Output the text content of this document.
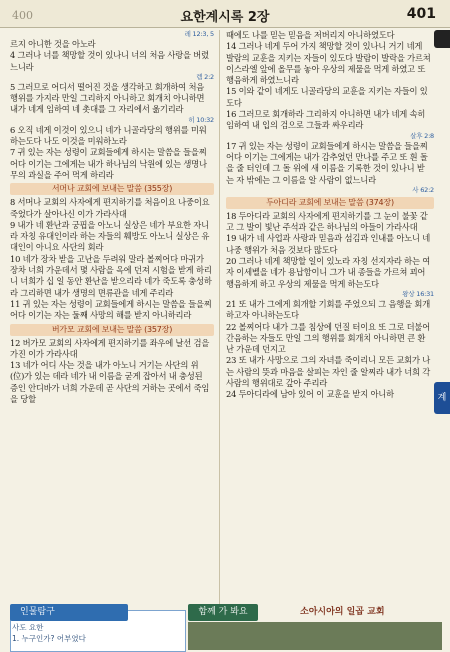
400	요한계시록 2장	401
레 12:3, 5

르지 아니한 것을 아노라

4 그러나 너를 책망할 것이 있나니 너의 처음 사랑을 버렸느니라

렘 2:2

5 그러므로 어디서 떨어진 것을 생각하고 회개하여 처음 행위를 가지라 만일 그리하지 아니하고 회개치 아니하면 내가 네게 임하여 네 촛대를 그 자리에서 옮기리라

히 10:32

6 오직 네게 이것이 있으니 네가 니골라당의 행위를 미워하는도다 나도 이것을 미워하노라

7 귀 있는 자는 성령이 교회들에게 하시는 말씀을 들을찌어다 이기는 그에게는 내가 하나님의 낙원에 있는 생명나무의 과실을 주어 먹게 하리라

서머나 교회에 보내는 말씀 (355장)

8 서머나 교회의 사자에게 편지하기를 처음이요 나중이요 죽었다가 살아나신 이가 가라사대

9 내가 네 환난과 궁핍을 아노니 실상은 네가 부요한 자니라 자칭 유대인이라 하는 자들의 훼방도 아노니 실상은 유대인이 아니요 사단의 회라

10 네가 장차 받을 고난을 두려워 말라 볼찌어다 마귀가 장차 너희 가운데서 몇 사람을 옥에 던져 시험을 받게 하리니 너희가 십 일 동안 환난을 받으리라 네가 죽도록 충성하라 그리하면 내가 생명의 면류관을 네게 주리라

11 귀 있는 자는 성령이 교회들에게 하시는 말씀을 들을찌어다 이기는 자는 둘째 사망의 해를 받지 아니하리라

버가모 교회에 보내는 말씀 (357장)

12 버가모 교회의 사자에게 편지하기를 좌우에 날선 검을 가진 이가 가라사대

13 네가 어디 사는 것을 내가 아노니 거기는 사단의 위(位)가 있는 데라 네가 내 이름을 굳게 잡아서 내 충성된 증인 안디바가 너희 가운데 곧 사단의 거하는 곳에서 죽임을 당할

때에도 나를 믿는 믿음을 저버리지 아니하였도다

14 그러나 네게 두어 가지 책망할 것이 있나니 거기 네게 발람의 교훈을 지키는 자들이 있도다 발람이 발락을 가르쳐 이스라엘 앞에 올무를 놓아 우상의 제물을 먹게 하였고 또 행음하게 하였느니라

15 이와 같이 네게도 니골라당의 교훈을 지키는 자들이 있도다

16 그러므로 회개하라 그리하지 아니하면 내가 네게 속히 임하여 내 입의 검으로 그들과 싸우리라

살후 2:8

17 귀 있는 자는 성령이 교회들에게 하시는 말씀을 들을찌어다 이기는 그에게는 내가 감추었던 만나를 주고 또 흰 돌을 줄 터인데 그 돌 위에 새 이름을 기록한 것이 있나니 받는 자 밖에는 그 이름을 알 사람이 없느니라

사 62:2
두아디라 교회에 보내는 말씀 (374장)

18 두아디라 교회의 사자에게 편지하기를 그 눈이 불꽃 같고 그 발이 빛난 주석과 같은 하나님의 아들이 가라사대

19 내가 네 사업과 사랑과 믿음과 섬김과 인내를 아노니 네 나중 행위가 처음 것보다 많도다

20 그러나 네게 책망할 일이 있노라 자칭 선지자라 하는 여자 이세벨을 네가 용납함이니 그가 내 종들을 가르쳐 꾀어 행음하게 하고 우상의 제물을 먹게 하는도다

왕상 16:31

21 또 내가 그에게 회개할 기회를 주었으되 그 음행을 회개하고자 아니하는도다

22 볼찌어다 내가 그를 침상에 던질 터이요 또 그로 더불어 간음하는 자들도 만일 그의 행위를 회개치 아니하면 큰 환난 가운데 던지고

23 또 내가 사망으로 그의 자녀를 죽이리니 모든 교회가 나는 사람의 뜻과 마음을 살피는 자인 줄 알찌라 내가 너희 각 사람의 행위대로 갚아 주리라

24 두아디라에 남아 있어 이 교훈을 받지 아니하	계
인물탐구
사도 요한
1. 누구인가? 어부였다
함께 가 봐요	소아시아의 일곱 교회
